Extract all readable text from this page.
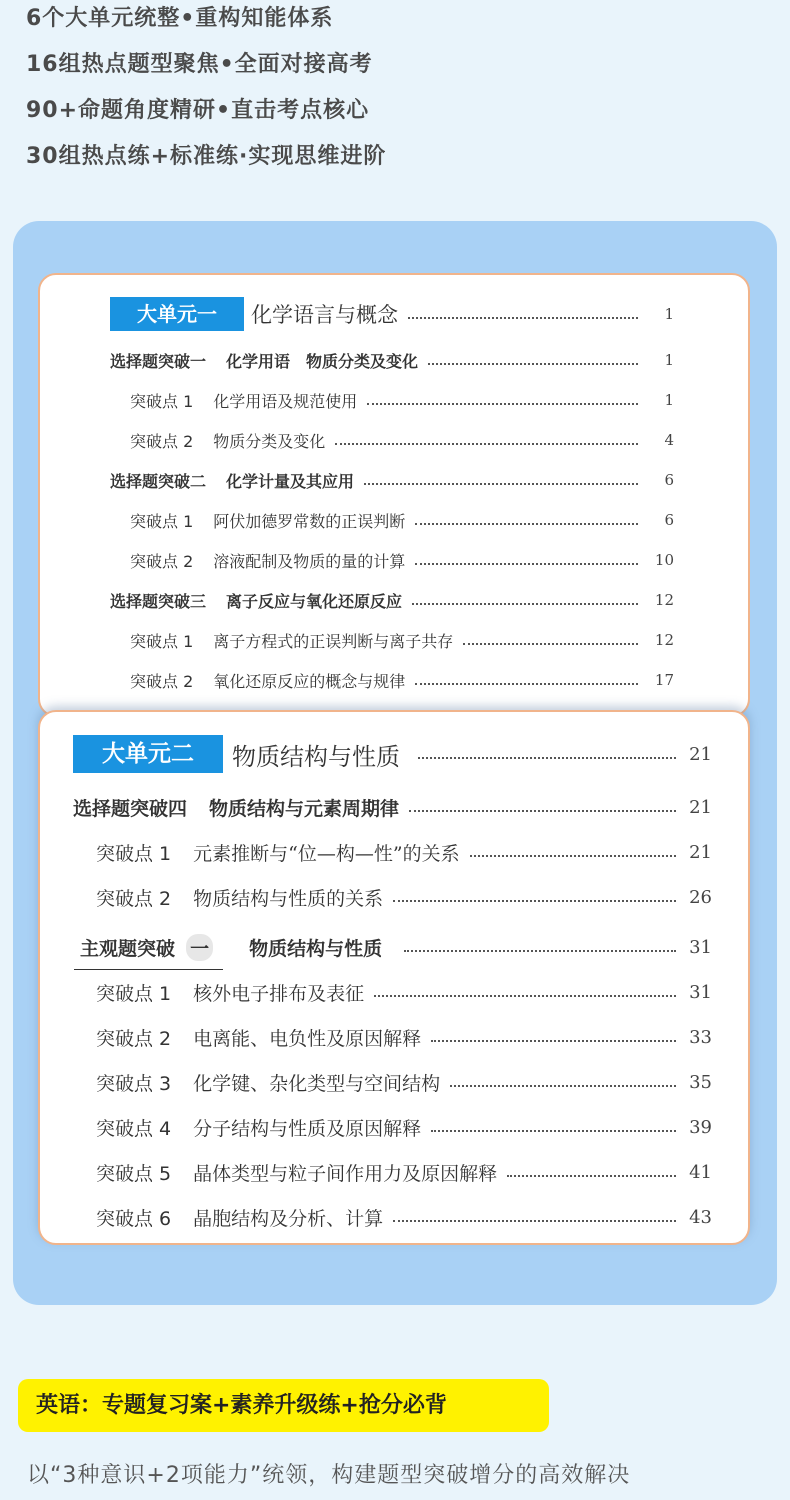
6个大单元统整•重构知能体系
16组热点题型聚焦•全面对接高考
90+命题角度精研•直击考点核心
30组热点练+标准练·实现思维进阶
大单元一	化学语言与概念	1
选择题突破一 化学用语　物质分类及变化	1
突破点 1 化学用语及规范使用	1
突破点 2 物质分类及变化	4
选择题突破二 化学计量及其应用	6
突破点 1 阿伏加德罗常数的正误判断	6
突破点 2 溶液配制及物质的量的计算	10
选择题突破三 离子反应与氧化还原反应	12
突破点 1 离子方程式的正误判断与离子共存	12
突破点 2 氧化还原反应的概念与规律	17
大单元二	物质结构与性质	21
选择题突破四 物质结构与元素周期律	21
突破点 1 元素推断与“位—构—性”的关系	21
突破点 2 物质结构与性质的关系	26
主观题突破 一 物质结构与性质	31
突破点 1 核外电子排布及表征	31
突破点 2 电离能、电负性及原因解释	33
突破点 3 化学键、杂化类型与空间结构	35
突破点 4 分子结构与性质及原因解释	39
突破点 5 晶体类型与粒子间作用力及原因解释	41
突破点 6 晶胞结构及分析、计算	43
英语：专题复习案+素养升级练+抢分必背
以“3种意识+2项能力”统领，构建题型突破增分的高效解决
